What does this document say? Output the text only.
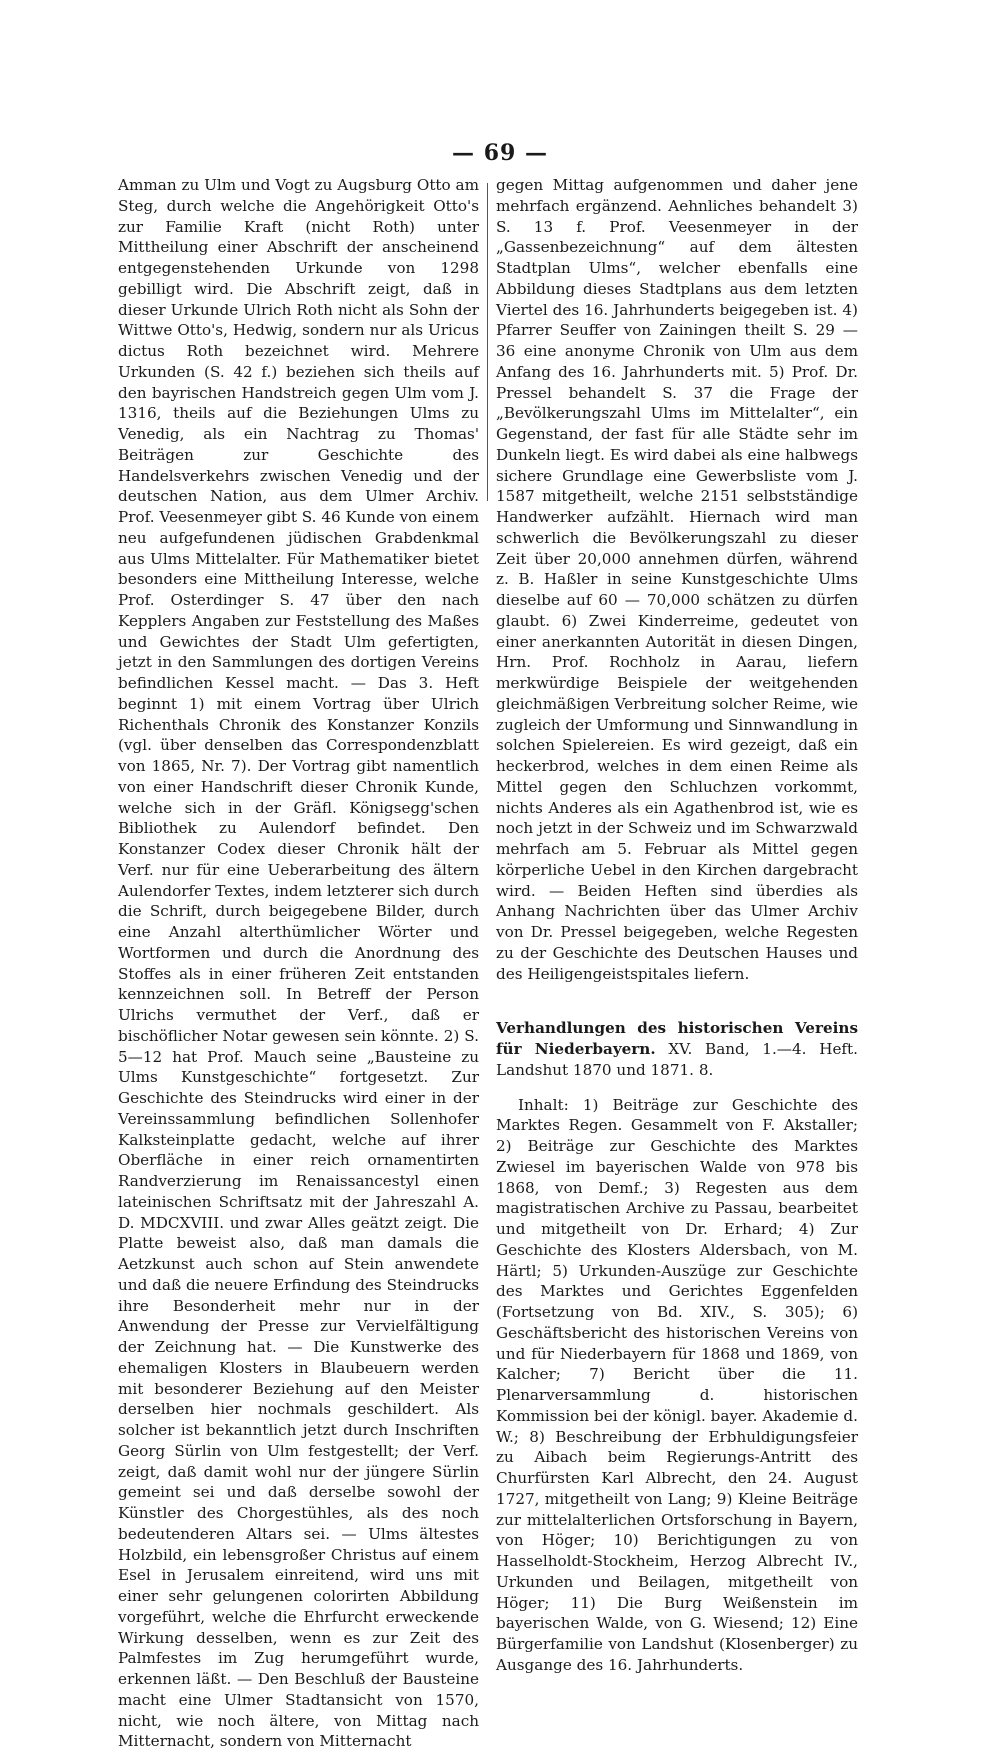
— 69 —

Amman zu Ulm und Vogt zu Augsburg Otto am Steg, durch welche die Angehörigkeit Otto's zur Familie Kraft (nicht Roth) unter Mittheilung einer Abschrift der anscheinend entgegenstehenden Urkunde von 1298 gebilligt wird. Die Abschrift zeigt, daß in dieser Urkunde Ulrich Roth nicht als Sohn der Wittwe Otto's, Hedwig, sondern nur als Uricus dictus Roth bezeichnet wird. Mehrere Urkunden (S. 42 f.) beziehen sich theils auf den bayrischen Handstreich gegen Ulm vom J. 1316, theils auf die Beziehungen Ulms zu Venedig, als ein Nachtrag zu Thomas' Beiträgen zur Geschichte des Handelsverkehrs zwischen Venedig und der deutschen Nation, aus dem Ulmer Archiv. Prof. Veesenmeyer gibt S. 46 Kunde von einem neu aufgefundenen jüdischen Grabdenkmal aus Ulms Mittelalter. Für Mathematiker bietet besonders eine Mittheilung Interesse, welche Prof. Osterdinger S. 47 über den nach Kepplers Angaben zur Feststellung des Maßes und Gewichtes der Stadt Ulm gefertigten, jetzt in den Sammlungen des dortigen Vereins befindlichen Kessel macht. — Das 3. Heft beginnt 1) mit einem Vortrag über Ulrich Richenthals Chronik des Konstanzer Konzils (vgl. über denselben das Correspondenzblatt von 1865, Nr. 7). Der Vortrag gibt namentlich von einer Handschrift dieser Chronik Kunde, welche sich in der Gräfl. Königsegg'schen Bibliothek zu Aulendorf befindet. Den Konstanzer Codex dieser Chronik hält der Verf. nur für eine Ueberarbeitung des ältern Aulendorfer Textes, indem letzterer sich durch die Schrift, durch beigegebene Bilder, durch eine Anzahl alterthümlicher Wörter und Wortformen und durch die Anordnung des Stoffes als in einer früheren Zeit entstanden kennzeichnen soll. In Betreff der Person Ulrichs vermuthet der Verf., daß er bischöflicher Notar gewesen sein könnte. 2) S. 5—12 hat Prof. Mauch seine „Bausteine zu Ulms Kunstgeschichte“ fortgesetzt. Zur Geschichte des Steindrucks wird einer in der Vereinssammlung befindlichen Sollenhofer Kalksteinplatte gedacht, welche auf ihrer Oberfläche in einer reich ornamentirten Randverzierung im Renaissancestyl einen lateinischen Schriftsatz mit der Jahreszahl A. D. MDCXVIII. und zwar Alles geätzt zeigt. Die Platte beweist also, daß man damals die Aetzkunst auch schon auf Stein anwendete und daß die neuere Erfindung des Steindrucks ihre Besonderheit mehr nur in der Anwendung der Presse zur Vervielfältigung der Zeichnung hat. — Die Kunstwerke des ehemaligen Klosters in Blaubeuern werden mit besonderer Beziehung auf den Meister derselben hier nochmals geschildert. Als solcher ist bekanntlich jetzt durch Inschriften Georg Sürlin von Ulm festgestellt; der Verf. zeigt, daß damit wohl nur der jüngere Sürlin gemeint sei und daß derselbe sowohl der Künstler des Chorgestühles, als des noch bedeutenderen Altars sei. — Ulms ältestes Holzbild, ein lebensgroßer Christus auf einem Esel in Jerusalem einreitend, wird uns mit einer sehr gelungenen colorirten Abbildung vorgeführt, welche die Ehrfurcht erweckende Wirkung desselben, wenn es zur Zeit des Palmfestes im Zug herumgeführt wurde, erkennen läßt. — Den Beschluß der Bausteine macht eine Ulmer Stadtansicht von 1570, nicht, wie noch ältere, von Mittag nach Mitternacht, sondern von Mitternacht

gegen Mittag aufgenommen und daher jene mehrfach ergänzend. Aehnliches behandelt 3) S. 13 f. Prof. Veesenmeyer in der „Gassenbezeichnung“ auf dem ältesten Stadtplan Ulms“, welcher ebenfalls eine Abbildung dieses Stadtplans aus dem letzten Viertel des 16. Jahrhunderts beigegeben ist. 4) Pfarrer Seuffer von Zainingen theilt S. 29 — 36 eine anonyme Chronik von Ulm aus dem Anfang des 16. Jahrhunderts mit. 5) Prof. Dr. Pressel behandelt S. 37 die Frage der „Bevölkerungszahl Ulms im Mittelalter“, ein Gegenstand, der fast für alle Städte sehr im Dunkeln liegt. Es wird dabei als eine halbwegs sichere Grundlage eine Gewerbsliste vom J. 1587 mitgetheilt, welche 2151 selbstständige Handwerker aufzählt. Hiernach wird man schwerlich die Bevölkerungszahl zu dieser Zeit über 20,000 annehmen dürfen, während z. B. Haßler in seine Kunstgeschichte Ulms dieselbe auf 60 — 70,000 schätzen zu dürfen glaubt. 6) Zwei Kinderreime, gedeutet von einer anerkannten Autorität in diesen Dingen, Hrn. Prof. Rochholz in Aarau, liefern merkwürdige Beispiele der weitgehenden gleichmäßigen Verbreitung solcher Reime, wie zugleich der Umformung und Sinnwandlung in solchen Spielereien. Es wird gezeigt, daß ein heckerbrod, welches in dem einen Reime als Mittel gegen den Schluchzen vorkommt, nichts Anderes als ein Agathenbrod ist, wie es noch jetzt in der Schweiz und im Schwarzwald mehrfach am 5. Februar als Mittel gegen körperliche Uebel in den Kirchen dargebracht wird. — Beiden Heften sind überdies als Anhang Nachrichten über das Ulmer Archiv von Dr. Pressel beigegeben, welche Regesten zu der Geschichte des Deutschen Hauses und des Heiligengeistspitales liefern.

Verhandlungen des historischen Vereins für Niederbayern. XV. Band, 1.—4. Heft. Landshut 1870 und 1871. 8.

Inhalt: 1) Beiträge zur Geschichte des Marktes Regen. Gesammelt von F. Akstaller; 2) Beiträge zur Geschichte des Marktes Zwiesel im bayerischen Walde von 978 bis 1868, von Demf.; 3) Regesten aus dem magistratischen Archive zu Passau, bearbeitet und mitgetheilt von Dr. Erhard; 4) Zur Geschichte des Klosters Aldersbach, von M. Härtl; 5) Urkunden-Auszüge zur Geschichte des Marktes und Gerichtes Eggenfelden (Fortsetzung von Bd. XIV., S. 305); 6) Geschäftsbericht des historischen Vereins von und für Niederbayern für 1868 und 1869, von Kalcher; 7) Bericht über die 11. Plenarversammlung d. historischen Kommission bei der königl. bayer. Akademie d. W.; 8) Beschreibung der Erbhuldigungsfeier zu Aibach beim Regierungs-Antritt des Churfürsten Karl Albrecht, den 24. August 1727, mitgetheilt von Lang; 9) Kleine Beiträge zur mittelalterlichen Ortsforschung in Bayern, von Höger; 10) Berichtigungen zu von Hasselholdt-Stockheim, Herzog Albrecht IV., Urkunden und Beilagen, mitgetheilt von Höger; 11) Die Burg Weißenstein im bayerischen Walde, von G. Wiesend; 12) Eine Bürgerfamilie von Landshut (Klosenberger) zu Ausgange des 16. Jahrhunderts.
